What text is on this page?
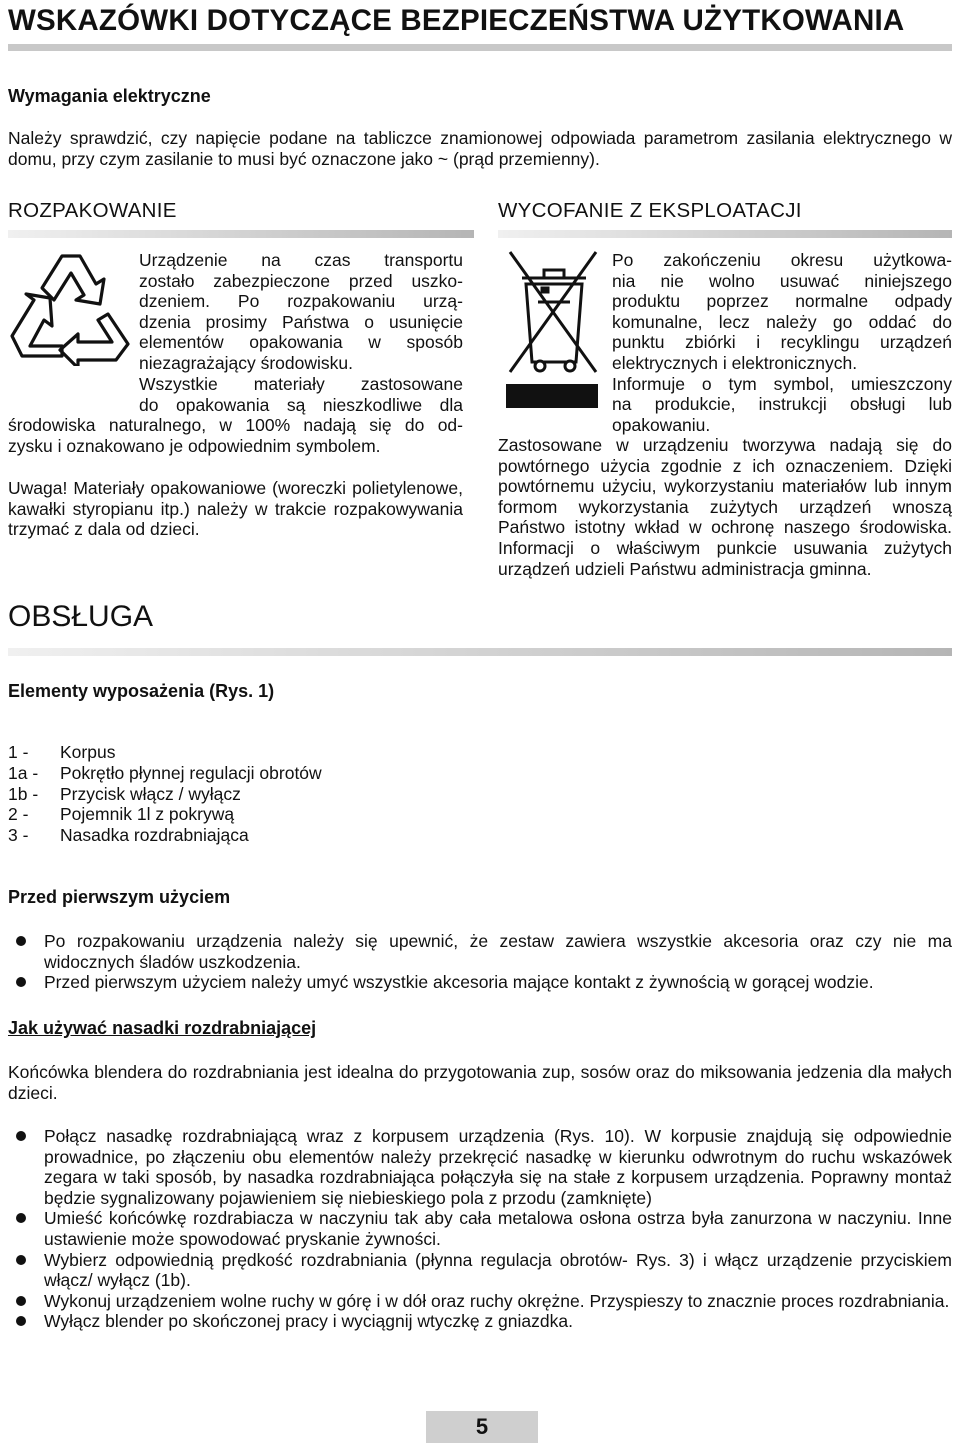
WSKAZÓWKI DOTYCZĄCE BEZPIECZEŃSTWA UŻYTKOWANIA
Wymagania elektryczne
Należy sprawdzić, czy napięcie podane na tabliczce znamionowej odpowiada parametrom zasilania elektrycznego w domu, przy czym zasilanie to musi być oznaczone jako ~ (prąd przemienny).
ROZPAKOWANIE
Urządzenie na czas transportu
zostało zabezpieczone przed uszko-
dzeniem. Po rozpakowaniu urzą-
dzenia prosimy Państwa o usunięcie
elementów opakowania w sposób
niezagrażający środowisku.
Wszystkie materiały zastosowane
do opakowania są nieszkodliwe dla
środowiska naturalnego, w 100% nadają się do od-
zysku i oznakowano je odpowiednim symbolem.
Uwaga! Materiały opakowaniowe (woreczki polietylenowe, kawałki styropianu itp.) należy w trakcie rozpakowywania trzymać z dala od dzieci.
WYCOFANIE Z EKSPLOATACJI
Po zakończeniu okresu użytkowa-
nia nie wolno usuwać niniejszego
produktu poprzez normalne odpady
komunalne, lecz należy go oddać do
punktu zbiórki i recyklingu urządzeń
elektrycznych i elektronicznych.
Informuje o tym symbol, umieszczony
na produkcie, instrukcji obsługi lub
opakowaniu.
Zastosowane w urządzeniu tworzywa nadają się do powtórnego użycia zgodnie z ich oznaczeniem. Dzięki powtórnemu użyciu, wykorzystaniu materiałów lub innym formom wykorzystania zużytych urządzeń wnoszą Państwo istotny wkład w ochronę naszego środowiska. Informacji o właściwym punkcie usuwania zużytych urządzeń udzieli Państwu administracja gminna.
OBSŁUGA
Elementy wyposażenia (Rys. 1)
1 - Korpus
1a - Pokrętło płynnej regulacji obrotów
1b - Przycisk włącz / wyłącz
2 - Pojemnik 1l z pokrywą
3 - Nasadka rozdrabniająca
Przed pierwszym użyciem
Po rozpakowaniu urządzenia należy się upewnić, że zestaw zawiera wszystkie akcesoria oraz czy nie ma widocznych śladów uszkodzenia.
Przed pierwszym użyciem należy umyć wszystkie akcesoria mające kontakt z żywnością w gorącej wodzie.
Jak używać nasadki rozdrabniającej
Końcówka blendera do rozdrabniania jest idealna do przygotowania zup, sosów oraz do miksowania jedzenia dla małych dzieci.
Połącz nasadkę rozdrabniającą wraz z korpusem urządzenia (Rys. 10). W korpusie znajdują się odpowiednie prowadnice, po złączeniu obu elementów należy przekręcić nasadkę w kierunku odwrotnym do ruchu wskazówek zegara w taki sposób, by nasadka rozdrabniająca połączyła się na stałe z korpusem urządzenia. Poprawny montaż będzie sygnalizowany pojawieniem się niebieskiego pola z przodu (zamknięte)
Umieść końcówkę rozdrabiacza w naczyniu tak aby cała metalowa osłona ostrza była zanurzona w naczyniu. Inne ustawienie może spowodować pryskanie żywności.
Wybierz odpowiednią prędkość rozdrabniania (płynna regulacja obrotów- Rys. 3) i włącz urządzenie przyciskiem włącz/ wyłącz (1b).
Wykonuj urządzeniem wolne ruchy w górę i w dół oraz ruchy okrężne. Przyspieszy to znacznie proces rozdrabniania.
Wyłącz blender po skończonej pracy i wyciągnij wtyczkę z gniazdka.
5
